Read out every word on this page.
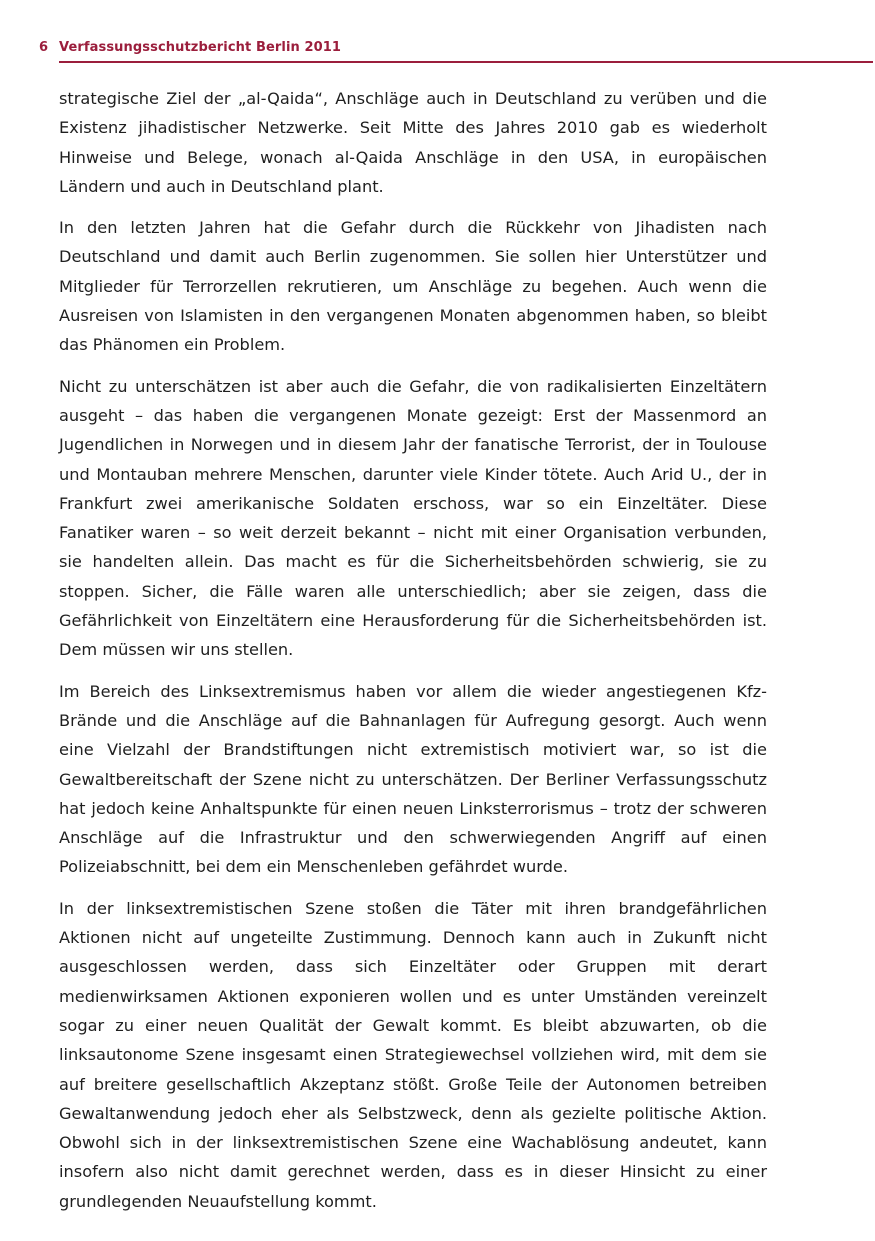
6 Verfassungsschutzbericht Berlin 2011

strategische Ziel der „al-Qaida“, Anschläge auch in Deutschland zu verüben und die Existenz jihadistischer Netzwerke. Seit Mitte des Jahres 2010 gab es wiederholt Hinweise und Belege, wonach al-Qaida Anschläge in den USA, in europäischen Ländern und auch in Deutschland plant.

In den letzten Jahren hat die Gefahr durch die Rückkehr von Jihadisten nach Deutschland und damit auch Berlin zugenommen. Sie sollen hier Unterstützer und Mitglieder für Terrorzellen rekrutieren, um Anschläge zu begehen. Auch wenn die Ausreisen von Islamisten in den vergangenen Monaten abgenommen haben, so bleibt das Phänomen ein Problem.

Nicht zu unterschätzen ist aber auch die Gefahr, die von radikalisierten Einzeltätern ausgeht – das haben die vergangenen Monate gezeigt: Erst der Massenmord an Jugendlichen in Norwegen und in diesem Jahr der fanatische Terrorist, der in Toulouse und Montauban mehrere Menschen, darunter viele Kinder tötete. Auch Arid U., der in Frankfurt zwei amerikanische Soldaten erschoss, war so ein Einzeltäter. Diese Fanatiker waren – so weit derzeit bekannt – nicht mit einer Organisation verbunden, sie handelten allein. Das macht es für die Sicherheitsbehörden schwierig, sie zu stoppen. Sicher, die Fälle waren alle unterschiedlich; aber sie zeigen, dass die Gefährlichkeit von Einzeltätern eine Herausforderung für die Sicherheitsbehörden ist. Dem müssen wir uns stellen.

Im Bereich des Linksextremismus haben vor allem die wieder angestiegenen Kfz-Brände und die Anschläge auf die Bahnanlagen für Aufregung gesorgt. Auch wenn eine Vielzahl der Brandstiftungen nicht extremistisch motiviert war, so ist die Gewaltbereitschaft der Szene nicht zu unterschätzen. Der Berliner Verfassungsschutz hat jedoch keine Anhaltspunkte für einen neuen Linksterrorismus – trotz der schweren Anschläge auf die Infrastruktur und den schwerwiegenden Angriff auf einen Polizeiabschnitt, bei dem ein Menschenleben gefährdet wurde.

In der linksextremistischen Szene stoßen die Täter mit ihren brandgefährlichen Aktionen nicht auf ungeteilte Zustimmung. Dennoch kann auch in Zukunft nicht ausgeschlossen werden, dass sich Einzeltäter oder Gruppen mit derart medienwirksamen Aktionen exponieren wollen und es unter Umständen vereinzelt sogar zu einer neuen Qualität der Gewalt kommt. Es bleibt abzuwarten, ob die linksautonome Szene insgesamt einen Strategiewechsel vollziehen wird, mit dem sie auf breitere gesellschaftlich Akzeptanz stößt. Große Teile der Autonomen betreiben Gewaltanwendung jedoch eher als Selbstzweck, denn als gezielte politische Aktion. Obwohl sich in der linksextremistischen Szene eine Wachablösung andeutet, kann insofern also nicht damit gerechnet werden, dass es in dieser Hinsicht zu einer grundlegenden Neuaufstellung kommt.
